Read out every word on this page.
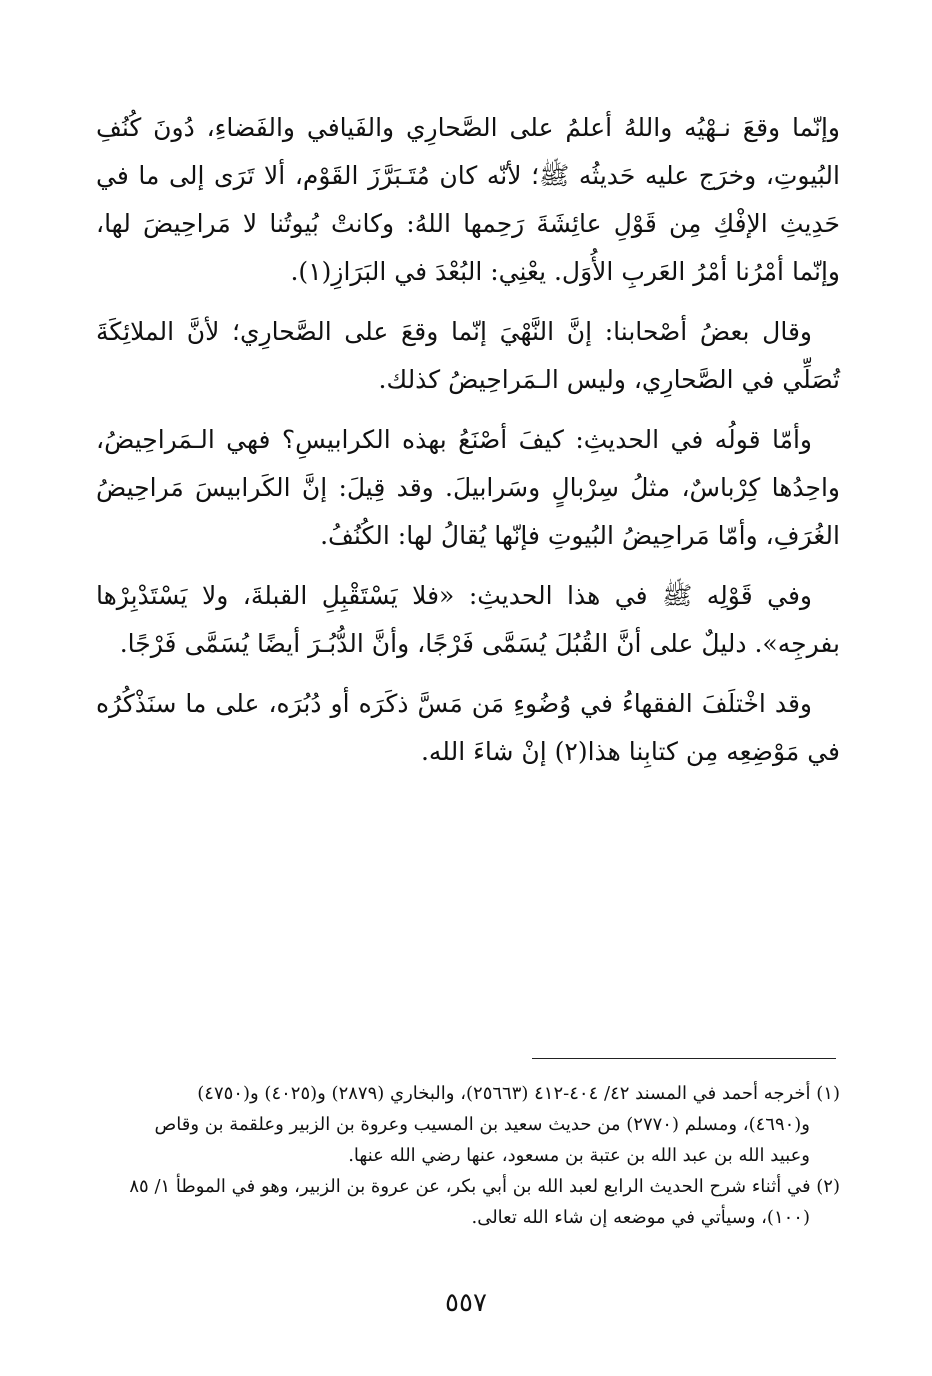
وإنّما وقعَ نـهْيُه واللهُ أعلمُ على الصَّحارِي والفَيافي والفَضاءِ، دُونَ كُنُفِ البُيوتِ، وخرَج عليه حَديثُه ﷺ؛ لأنّه كان مُتَـبَرَّزَ القَوْم، ألا تَرَى إلى ما في حَدِيثِ الإفْكِ مِن قَوْلِ عائِشَةَ رَحِمها اللهُ: وكانتْ بُيوتُنا لا مَراحِيضَ لها، وإنّما أمْرُنا أمْرُ العَربِ الأُوَل. يعْنِي: البُعْدَ في البَرَازِ(١).

وقال بعضُ أصْحابنا: إنَّ النَّهْيَ إنّما وقعَ على الصَّحارِي؛ لأنَّ الملائِكَةَ تُصَلِّي في الصَّحارِي، وليس الـمَراحِيضُ كذلك.

وأمّا قولُه في الحديثِ: كيفَ أصْنَعُ بهذه الكرابيسِ؟ فهي الـمَراحِيضُ، واحِدُها كِرْباسٌ، مثلُ سِرْبالٍ وسَرابيلَ. وقد قِيلَ: إنَّ الكَرابيسَ مَراحِيضُ الغُرَفِ، وأمّا مَراحِيضُ البُيوتِ فإنّها يُقالُ لها: الكُنُفُ.

وفي قَوْلِه ﷺ في هذا الحديثِ: «فلا يَسْتَقْبِلِ القبلةَ، ولا يَسْتَدْبِرْها بفرجِه». دليلٌ على أنَّ القُبُلَ يُسَمَّى فَرْجًا، وأنَّ الدُّبُـرَ أيضًا يُسَمَّى فَرْجًا.

وقد اخْتلَفَ الفقهاءُ في وُضُوءِ مَن مَسَّ ذكَرَه أو دُبُرَه، على ما سنَذْكُرُه في مَوْضِعِه مِن كتابِنا هذا(٢) إنْ شاءَ الله.

(١) أخرجه أحمد في المسند ٤٢/ ٤٠٤-٤١٢ (٢٥٦٦٣)، والبخاري (٢٨٧٩) و(٤٠٢٥) و(٤٧٥٠)

و(٤٦٩٠)، ومسلم (٢٧٧٠) من حديث سعيد بن المسيب وعروة بن الزبير وعلقمة بن وقاص

وعبيد الله بن عبد الله بن عتبة بن مسعود، عنها رضي الله عنها.

(٢) في أثناء شرح الحديث الرابع لعبد الله بن أبي بكر، عن عروة بن الزبير، وهو في الموطأ ١/ ٨٥

(١٠٠)، وسيأتي في موضعه إن شاء الله تعالى.

٥٥٧
